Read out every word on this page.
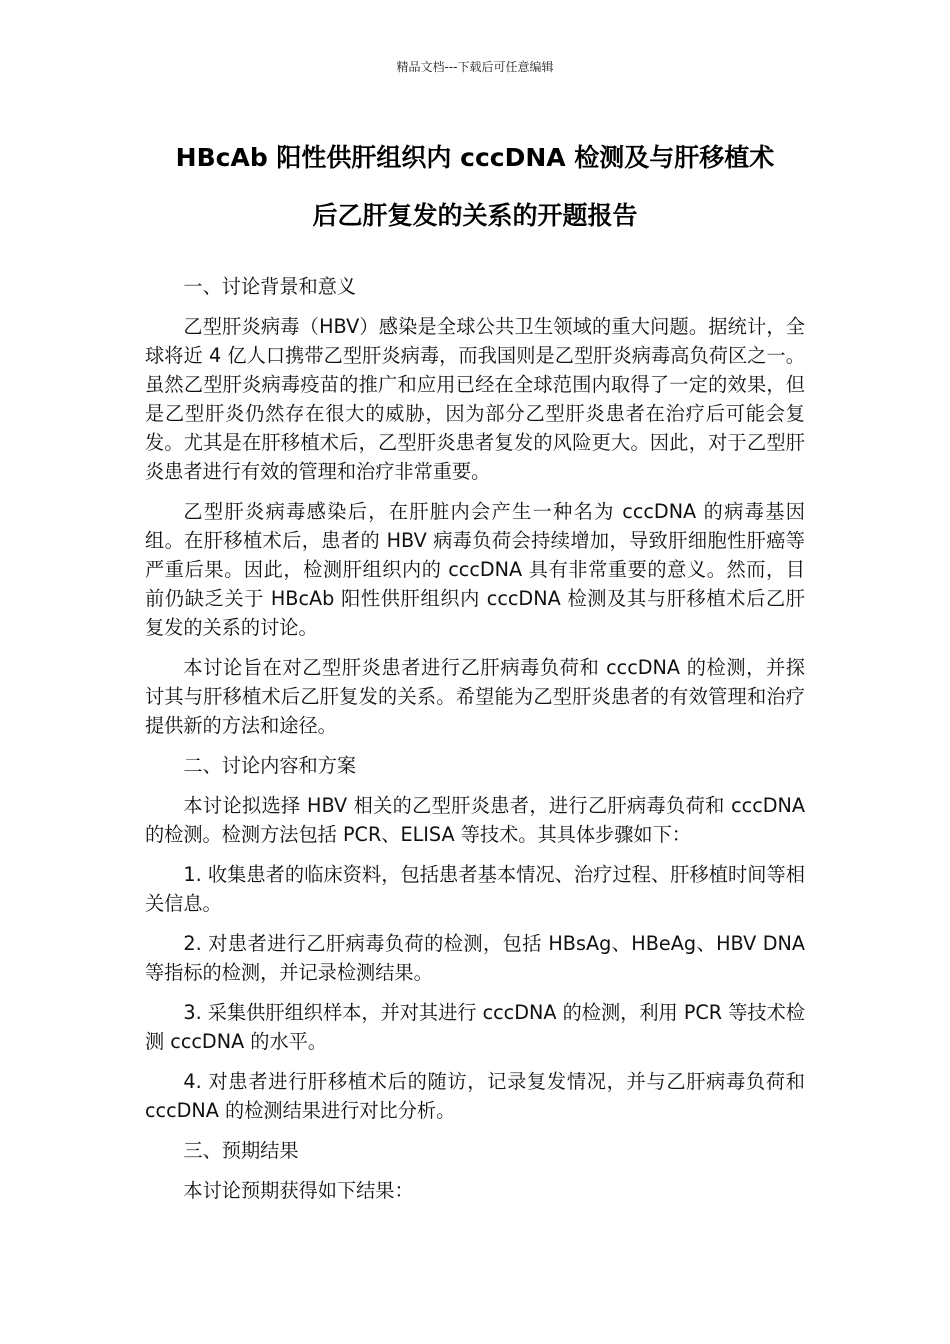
精品文档---下载后可任意编辑
HBcAb 阳性供肝组织内 cccDNA 检测及与肝移植术
后乙肝复发的关系的开题报告
一、讨论背景和意义

乙型肝炎病毒（HBV）感染是全球公共卫生领域的重大问题。据统计，全球将近 4 亿人口携带乙型肝炎病毒，而我国则是乙型肝炎病毒高负荷区之一。虽然乙型肝炎病毒疫苗的推广和应用已经在全球范围内取得了一定的效果，但是乙型肝炎仍然存在很大的威胁，因为部分乙型肝炎患者在治疗后可能会复发。尤其是在肝移植术后，乙型肝炎患者复发的风险更大。因此，对于乙型肝炎患者进行有效的管理和治疗非常重要。

乙型肝炎病毒感染后，在肝脏内会产生一种名为 cccDNA 的病毒基因组。在肝移植术后，患者的 HBV 病毒负荷会持续增加，导致肝细胞性肝癌等严重后果。因此，检测肝组织内的 cccDNA 具有非常重要的意义。然而，目前仍缺乏关于 HBcAb 阳性供肝组织内 cccDNA 检测及其与肝移植术后乙肝复发的关系的讨论。

本讨论旨在对乙型肝炎患者进行乙肝病毒负荷和 cccDNA 的检测，并探讨其与肝移植术后乙肝复发的关系。希望能为乙型肝炎患者的有效管理和治疗提供新的方法和途径。

二、讨论内容和方案

本讨论拟选择 HBV 相关的乙型肝炎患者，进行乙肝病毒负荷和 cccDNA 的检测。检测方法包括 PCR、ELISA 等技术。其具体步骤如下：

1. 收集患者的临床资料，包括患者基本情况、治疗过程、肝移植时间等相关信息。

2. 对患者进行乙肝病毒负荷的检测，包括 HBsAg、HBeAg、HBV DNA 等指标的检测，并记录检测结果。

3. 采集供肝组织样本，并对其进行 cccDNA 的检测，利用 PCR 等技术检测 cccDNA 的水平。

4. 对患者进行肝移植术后的随访，记录复发情况，并与乙肝病毒负荷和 cccDNA 的检测结果进行对比分析。

三、预期结果

本讨论预期获得如下结果：
